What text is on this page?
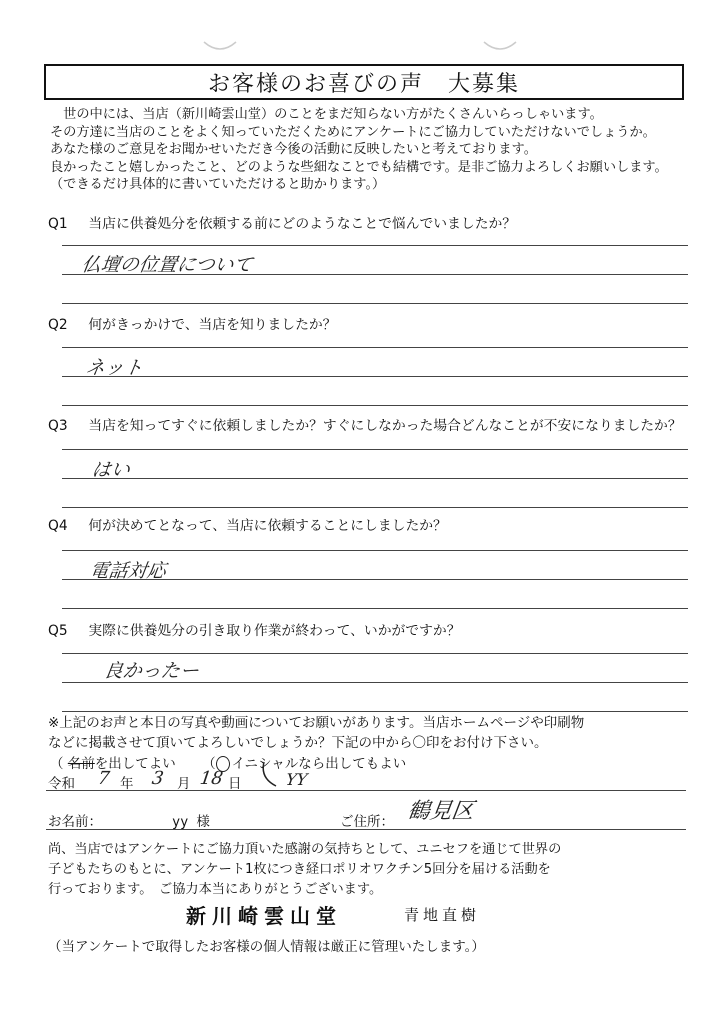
お客様のお喜びの声　大募集
　世の中には、当店（新川崎雲山堂）のことをまだ知らない方がたくさんいらっしゃいます。
その方達に当店のことをよく知っていただくためにアンケートにご協力していただけないでしょうか。
あなた様のご意見をお聞かせいただき今後の活動に反映したいと考えております。
良かったこと嬉しかったこと、どのような些細なことでも結構です。是非ご協力よろしくお願いします。
（できるだけ具体的に書いていただけると助かります。）
Q1 当店に供養処分を依頼する前にどのようなことで悩んでいましたか？
仏壇の位置について
Q2 何がきっかけで、当店を知りましたか？
ネット
Q3 当店を知ってすぐに依頼しましたか？すぐにしなかった場合どんなことが不安になりましたか？
はい
Q4 何が決めてとなって、当店に依頼することにしましたか？
電話対応
Q5 実際に供養処分の引き取り作業が終わって、いかがですか？
良かったー
※上記のお声と本日の写真や動画についてお願いがあります。当店ホームページや印刷物
などに掲載させて頂いてよろしいでしょうか？下記の中から〇印をお付け下さい。
（ 名前を出してよい （○ イニシャルなら出してもよい
令和 7 年 3 月 18 日	YY
お名前：	yy 様	ご住所： 鶴見区
尚、当店ではアンケートにご協力頂いた感謝の気持ちとして、ユニセフを通じて世界の
子どもたちのもとに、アンケート1枚につき経口ポリオワクチン5回分を届ける活動を
行っております。　ご協力本当にありがとうございます。
新川崎雲山堂	青地直樹
（当アンケートで取得したお客様の個人情報は厳正に管理いたします。）
